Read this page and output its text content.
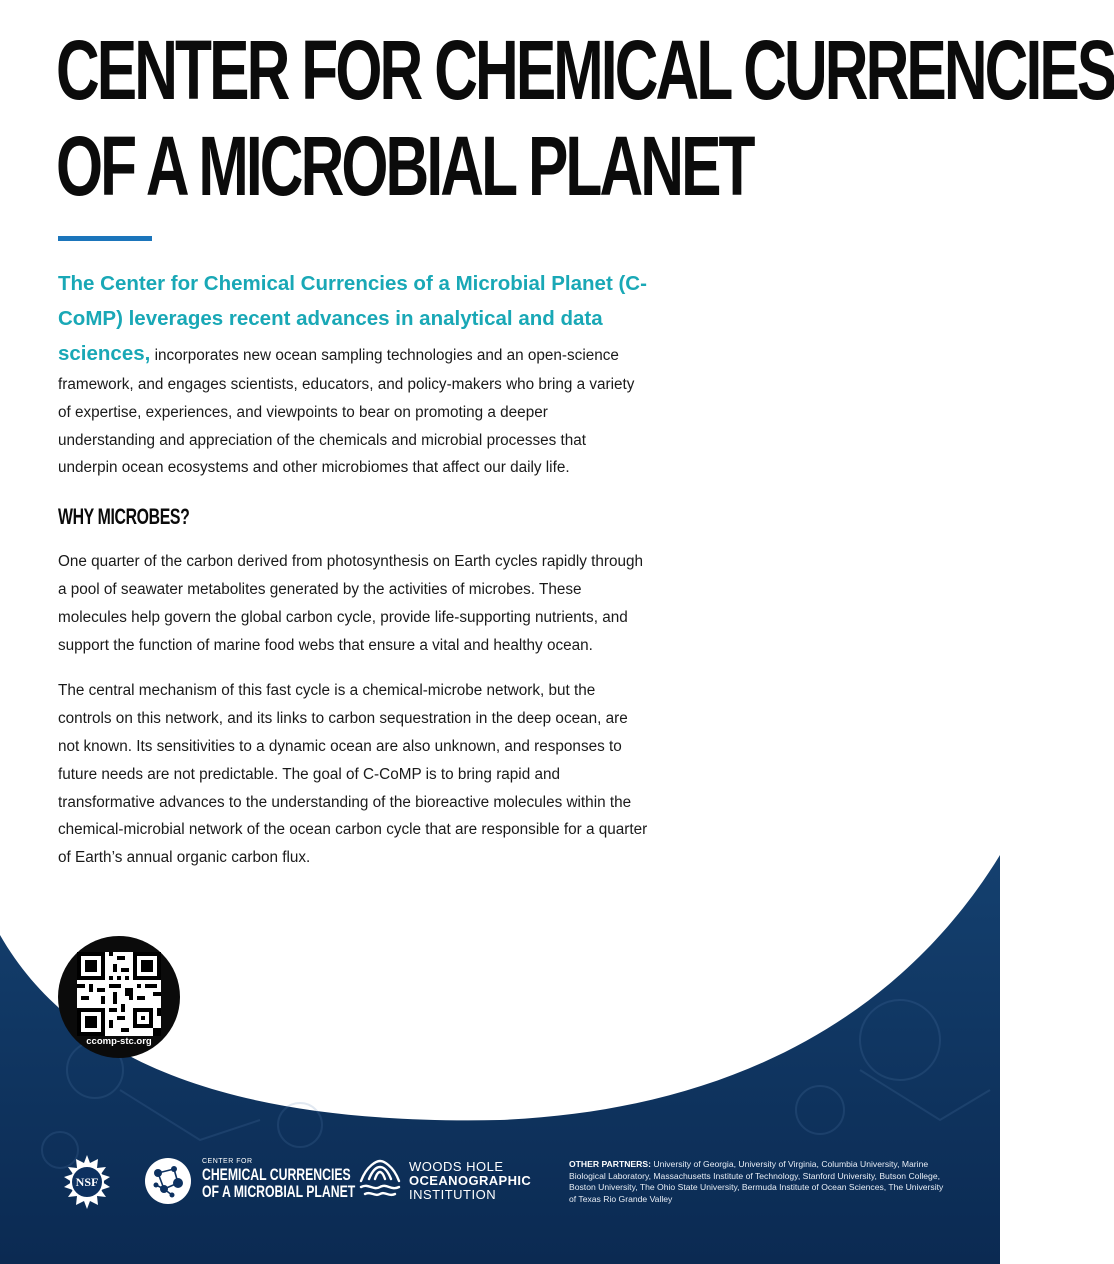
CENTER FOR CHEMICAL CURRENCIES
OF A MICROBIAL PLANET

The Center for Chemical Currencies of a Microbial Planet (C-CoMP) leverages recent advances in analytical and data sciences, incorporates new ocean sampling technologies and an open-science framework, and engages scientists, educators, and policy-makers who bring a variety of expertise, experiences, and viewpoints to bear on promoting a deeper understanding and appreciation of the chemicals and microbial processes that underpin ocean ecosystems and other microbiomes that affect our daily life.

WHY MICROBES?

One quarter of the carbon derived from photosynthesis on Earth cycles rapidly through a pool of seawater metabolites generated by the activities of microbes. These molecules help govern the global carbon cycle, provide life-supporting nutrients, and support the function of marine food webs that ensure a vital and healthy ocean.

The central mechanism of this fast cycle is a chemical-microbe network, but the controls on this network, and its links to carbon sequestration in the deep ocean, are not known. Its sensitivities to a dynamic ocean are also unknown, and responses to future needs are not predictable. The goal of C-CoMP is to bring rapid and transformative advances to the understanding of the bioreactive molecules within the chemical-microbial network of the ocean carbon cycle that are responsible for a quarter of Earth’s annual organic carbon flux.

ccomp-stc.org
NSF
CENTER FOR
CHEMICAL CURRENCIES
OF A MICROBIAL PLANET
WOODS HOLE
OCEANOGRAPHIC
INSTITUTION
OTHER PARTNERS: University of Georgia, University of Virginia, Columbia University, Marine Biological Laboratory, Massachusetts Institute of Technology, Stanford University, Butson College, Boston University, The Ohio State University, Bermuda Institute of Ocean Sciences, The University of Texas Rio Grande Valley
